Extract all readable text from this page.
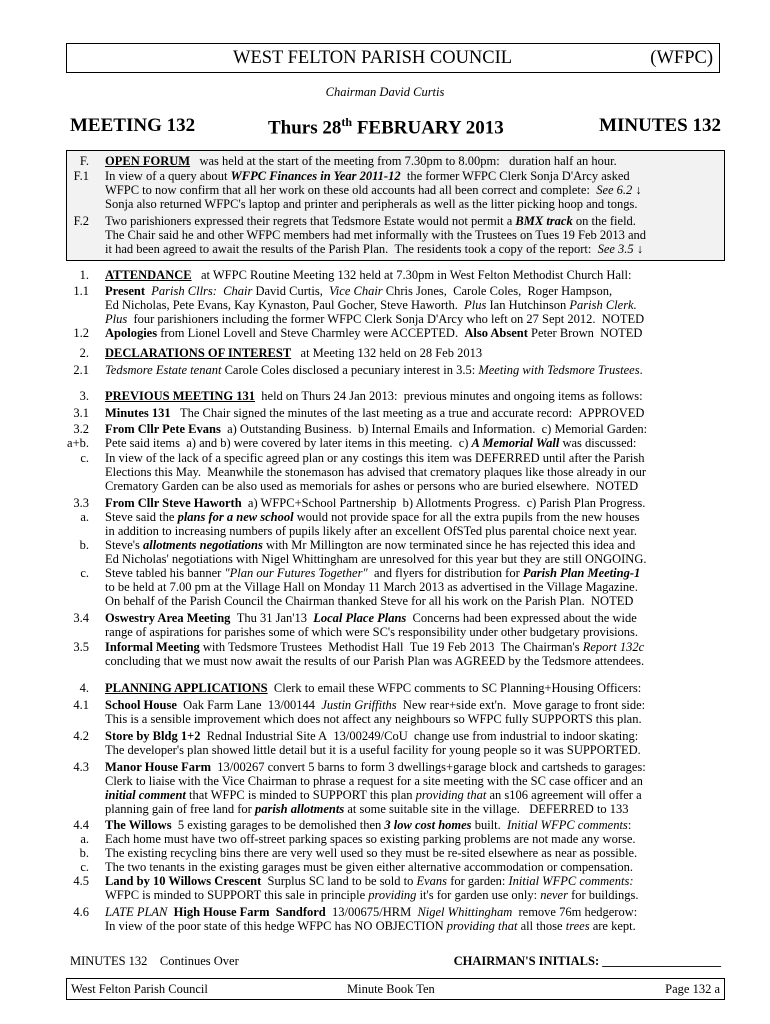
WEST FELTON PARISH COUNCIL	(WFPC)
Chairman David Curtis
MEETING 132	Thurs 28th FEBRUARY 2013	MINUTES 132
F. OPEN FORUM   was held at the start of the meeting from 7.30pm to 8.00pm:   duration half an hour.
F.1 In view of a query about WFPC Finances in Year 2011-12  the former WFPC Clerk Sonja D'Arcy asked
WFPC to now confirm that all her work on these old accounts had all been correct and complete:  See 6.2 ↓
Sonja also returned WFPC's laptop and printer and peripherals as well as the litter picking hoop and tongs.
F.2 Two parishioners expressed their regrets that Tedsmore Estate would not permit a BMX track on the field.
The Chair said he and other WFPC members had met informally with the Trustees on Tues 19 Feb 2013 and
it had been agreed to await the results of the Parish Plan.  The residents took a copy of the report:  See 3.5 ↓
1. ATTENDANCE   at WFPC Routine Meeting 132 held at 7.30pm in West Felton Methodist Church Hall:
1.1 Present Parish Cllrs:  Chair David Curtis,  Vice Chair Chris Jones,  Carole Coles,  Roger Hampson,
Ed Nicholas, Pete Evans, Kay Kynaston, Paul Gocher, Steve Haworth.  Plus Ian Hutchinson Parish Clerk.
Plus  four parishioners including the former WFPC Clerk Sonja D'Arcy who left on 27 Sept 2012.  NOTED
1.2 Apologies from Lionel Lovell and Steve Charmley were ACCEPTED.  Also Absent Peter Brown  NOTED
2. DECLARATIONS OF INTEREST   at Meeting 132 held on 28 Feb 2013
2.1 Tedsmore Estate tenant Carole Coles disclosed a pecuniary interest in 3.5: Meeting with Tedsmore Trustees.
3. PREVIOUS MEETING 131  held on Thurs 24 Jan 2013:  previous minutes and ongoing items as follows:
3.1 Minutes 131   The Chair signed the minutes of the last meeting as a true and accurate record:  APPROVED
3.2 From Cllr Pete Evans  a) Outstanding Business.  b) Internal Emails and Information.  c) Memorial Garden:
a+b. Pete said items  a) and b) were covered by later items in this meeting.  c) A Memorial Wall was discussed:
c. In view of the lack of a specific agreed plan or any costings this item was DEFERRED until after the Parish
Elections this May.  Meanwhile the stonemason has advised that crematory plaques like those already in our
Crematory Garden can be also used as memorials for ashes or persons who are buried elsewhere.  NOTED
3.3 From Cllr Steve Haworth  a) WFPC+School Partnership  b) Allotments Progress.  c) Parish Plan Progress.
a. Steve said the plans for a new school would not provide space for all the extra pupils from the new houses
in addition to increasing numbers of pupils likely after an excellent OfSTed plus parental choice next year.
b. Steve's allotments negotiations with Mr Millington are now terminated since he has rejected this idea and
Ed Nicholas' negotiations with Nigel Whittingham are unresolved for this year but they are still ONGOING.
c. Steve tabled his banner "Plan our Futures Together"  and flyers for distribution for Parish Plan Meeting-1
to be held at 7.00 pm at the Village Hall on Monday 11 March 2013 as advertised in the Village Magazine.
On behalf of the Parish Council the Chairman thanked Steve for all his work on the Parish Plan.  NOTED
3.4 Oswestry Area Meeting  Thu 31 Jan'13  Local Place Plans  Concerns had been expressed about the wide
range of aspirations for parishes some of which were SC's responsibility under other budgetary provisions.
3.5 Informal Meeting with Tedsmore Trustees  Methodist Hall  Tue 19 Feb 2013  The Chairman's Report 132c
concluding that we must now await the results of our Parish Plan was AGREED by the Tedsmore attendees.
4. PLANNING APPLICATIONS  Clerk to email these WFPC comments to SC Planning+Housing Officers:
4.1 School House  Oak Farm Lane  13/00144  Justin Griffiths  New rear+side ext'n.  Move garage to front side:
This is a sensible improvement which does not affect any neighbours so WFPC fully SUPPORTS this plan.
4.2 Store by Bldg 1+2  Rednal Industrial Site A  13/00249/CoU  change use from industrial to indoor skating:
The developer's plan showed little detail but it is a useful facility for young people so it was SUPPORTED.
4.3 Manor House Farm  13/00267 convert 5 barns to form 3 dwellings+garage block and cartsheds to garages:
Clerk to liaise with the Vice Chairman to phrase a request for a site meeting with the SC case officer and an
initial comment that WFPC is minded to SUPPORT this plan providing that an s106 agreement will offer a
planning gain of free land for parish allotments at some suitable site in the village.   DEFERRED to 133
4.4 The Willows  5 existing garages to be demolished then 3 low cost homes built.  Initial WFPC comments:
a. Each home must have two off-street parking spaces so existing parking problems are not made any worse.
b. The existing recycling bins there are very well used so they must be re-sited elsewhere as near as possible.
c. The two tenants in the existing garages must be given either alternative accommodation or compensation.
4.5 Land by 10 Willows Crescent  Surplus SC land to be sold to Evans for garden: Initial WFPC comments:
WFPC is minded to SUPPORT this sale in principle providing it's for garden use only: never for buildings.
4.6 LATE PLAN High House Farm  Sandford  13/00675/HRM  Nigel Whittingham  remove 76m hedgerow:
In view of the poor state of this hedge WFPC has NO OBJECTION providing that all those trees are kept.
MINUTES 132    Continues Over	CHAIRMAN'S INITIALS: ___________________
West Felton Parish Council	Minute Book Ten	Page 132 a
